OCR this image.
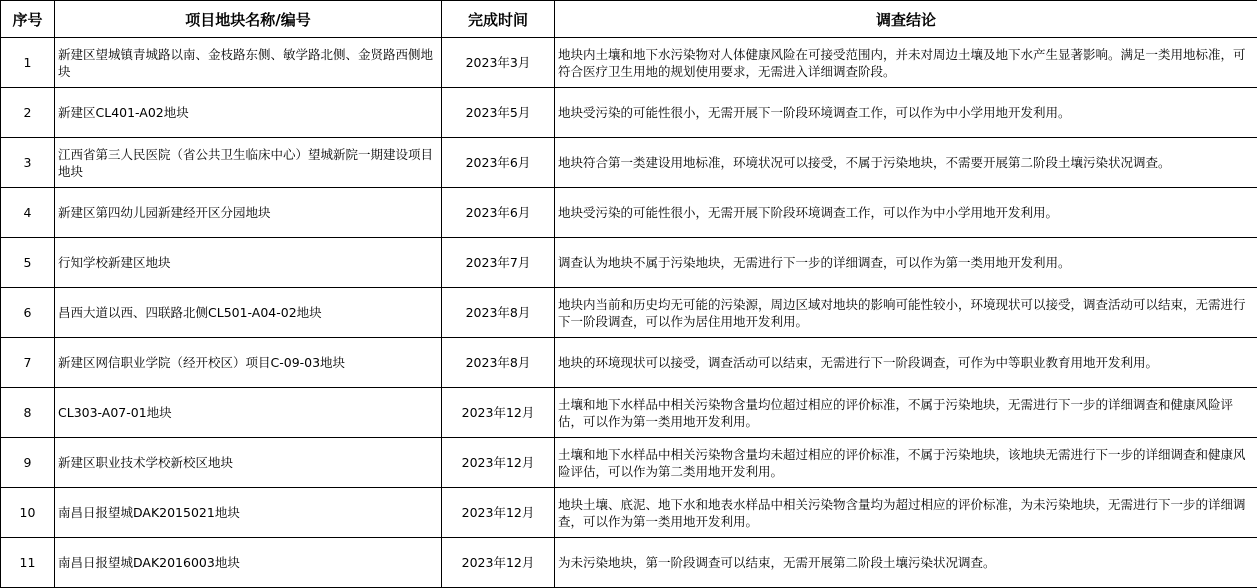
序号	项目地块名称/编号	完成时间	调查结论
1	新建区望城镇青城路以南、金枝路东侧、敏学路北侧、金贤路西侧地块	2023年3月	地块内土壤和地下水污染物对人体健康风险在可接受范围内，并未对周边土壤及地下水产生显著影响。满足一类用地标准，可符合医疗卫生用地的规划使用要求，无需进入详细调查阶段。
2	新建区CL401-A02地块	2023年5月	地块受污染的可能性很小，无需开展下一阶段环境调查工作，可以作为中小学用地开发利用。
3	江西省第三人民医院（省公共卫生临床中心）望城新院一期建设项目地块	2023年6月	地块符合第一类建设用地标准，环境状况可以接受，不属于污染地块，不需要开展第二阶段土壤污染状况调查。
4	新建区第四幼儿园新建经开区分园地块	2023年6月	地块受污染的可能性很小，无需开展下阶段环境调查工作，可以作为中小学用地开发利用。
5	行知学校新建区地块	2023年7月	调查认为地块不属于污染地块，无需进行下一步的详细调查，可以作为第一类用地开发利用。
6	昌西大道以西、四联路北侧CL501-A04-02地块	2023年8月	地块内当前和历史均无可能的污染源，周边区域对地块的影响可能性较小，环境现状可以接受，调查活动可以结束，无需进行下一阶段调查，可以作为居住用地开发利用。
7	新建区网信职业学院（经开校区）项目C-09-03地块	2023年8月	地块的环境现状可以接受，调查活动可以结束，无需进行下一阶段调查，可作为中等职业教育用地开发利用。
8	CL303-A07-01地块	2023年12月	土壤和地下水样品中相关污染物含量均位超过相应的评价标准，不属于污染地块，无需进行下一步的详细调查和健康风险评估，可以作为第一类用地开发利用。
9	新建区职业技术学校新校区地块	2023年12月	土壤和地下水样品中相关污染物含量均未超过相应的评价标准，不属于污染地块，该地块无需进行下一步的详细调查和健康风险评估，可以作为第二类用地开发利用。
10	南昌日报望城DAK2015021地块	2023年12月	地块土壤、底泥、地下水和地表水样品中相关污染物含量均为超过相应的评价标准，为未污染地块，无需进行下一步的详细调查，可以作为第一类用地开发利用。
11	南昌日报望城DAK2016003地块	2023年12月	为未污染地块，第一阶段调查可以结束，无需开展第二阶段土壤污染状况调查。
